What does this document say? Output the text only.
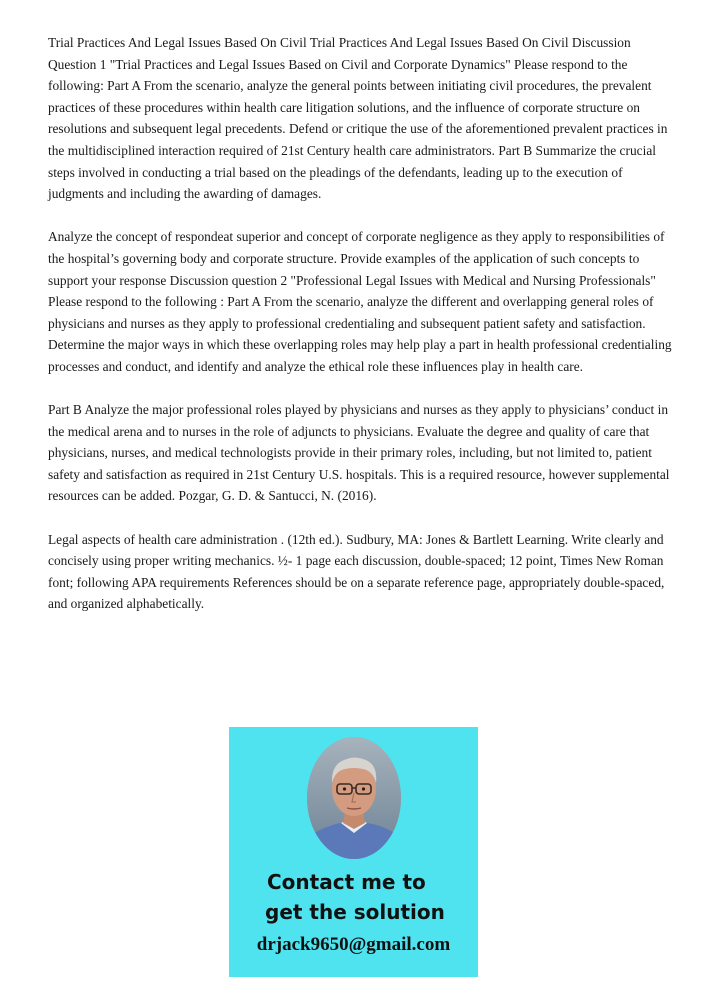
Trial Practices And Legal Issues Based On Civil Trial Practices And Legal Issues Based On Civil Discussion Question 1 "Trial Practices and Legal Issues Based on Civil and Corporate Dynamics" Please respond to the following: Part A From the scenario, analyze the general points between initiating civil procedures, the prevalent practices of these procedures within health care litigation solutions, and the influence of corporate structure on resolutions and subsequent legal precedents. Defend or critique the use of the aforementioned prevalent practices in the multidisciplined interaction required of 21st Century health care administrators. Part B Summarize the crucial steps involved in conducting a trial based on the pleadings of the defendants, leading up to the execution of judgments and including the awarding of damages.

Analyze the concept of respondeat superior and concept of corporate negligence as they apply to responsibilities of the hospital’s governing body and corporate structure. Provide examples of the application of such concepts to support your response Discussion question 2 "Professional Legal Issues with Medical and Nursing Professionals" Please respond to the following : Part A From the scenario, analyze the different and overlapping general roles of physicians and nurses as they apply to professional credentialing and subsequent patient safety and satisfaction. Determine the major ways in which these overlapping roles may help play a part in health professional credentialing processes and conduct, and identify and analyze the ethical role these influences play in health care.

Part B Analyze the major professional roles played by physicians and nurses as they apply to physicians’ conduct in the medical arena and to nurses in the role of adjuncts to physicians. Evaluate the degree and quality of care that physicians, nurses, and medical technologists provide in their primary roles, including, but not limited to, patient safety and satisfaction as required in 21st Century U.S. hospitals. This is a required resource, however supplemental resources can be added. Pozgar, G. D. & Santucci, N. (2016).

Legal aspects of health care administration . (12th ed.). Sudbury, MA: Jones & Bartlett Learning. Write clearly and concisely using proper writing mechanics. ½- 1 page each discussion, double-spaced; 12 point, Times New Roman font; following APA requirements References should be on a separate reference page, appropriately double-spaced, and organized alphabetically.

Contact me to
get the solution
drjack9650@gmail.com
